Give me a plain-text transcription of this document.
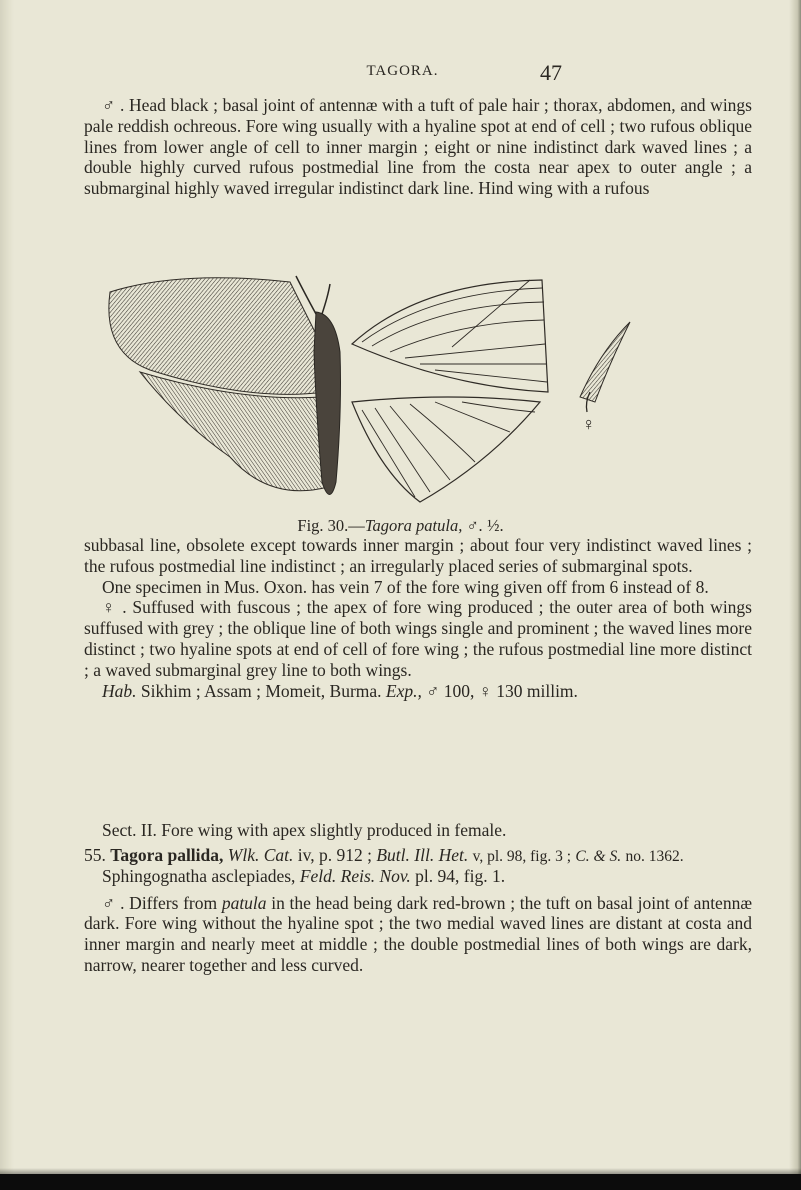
TAGORA.	47

♂ . Head black ; basal joint of antennæ with a tuft of pale hair ; thorax, abdomen, and wings pale reddish ochreous. Fore wing usually with a hyaline spot at end of cell ; two rufous oblique lines from lower angle of cell to inner margin ; eight or nine indistinct dark waved lines ; a double highly curved rufous postmedial line from the costa near apex to outer angle ; a submarginal highly waved irregular indistinct dark line. Hind wing with a rufous

♀
Fig. 30.—Tagora patula, ♂. ½.

subbasal line, obsolete except towards inner margin ; about four very indistinct waved lines ; the rufous postmedial line indistinct ; an irregularly placed series of submarginal spots.

One specimen in Mus. Oxon. has vein 7 of the fore wing given off from 6 instead of 8.

♀ . Suffused with fuscous ; the apex of fore wing produced ; the outer area of both wings suffused with grey ; the oblique line of both wings single and prominent ; the waved lines more distinct ; two hyaline spots at end of cell of fore wing ; the rufous postmedial line more distinct ; a waved submarginal grey line to both wings.

Hab. Sikhim ; Assam ; Momeit, Burma. Exp., ♂ 100, ♀ 130 millim.

Sect. II. Fore wing with apex slightly produced in female.

55. Tagora pallida, Wlk. Cat. iv, p. 912 ; Butl. Ill. Het. v, pl. 98, fig. 3 ; C. & S. no. 1362.

Sphingognatha asclepiades, Feld. Reis. Nov. pl. 94, fig. 1.

♂ . Differs from patula in the head being dark red-brown ; the tuft on basal joint of antennæ dark. Fore wing without the hyaline spot ; the two medial waved lines are distant at costa and inner margin and nearly meet at middle ; the double postmedial lines of both wings are dark, narrow, nearer together and less curved.
